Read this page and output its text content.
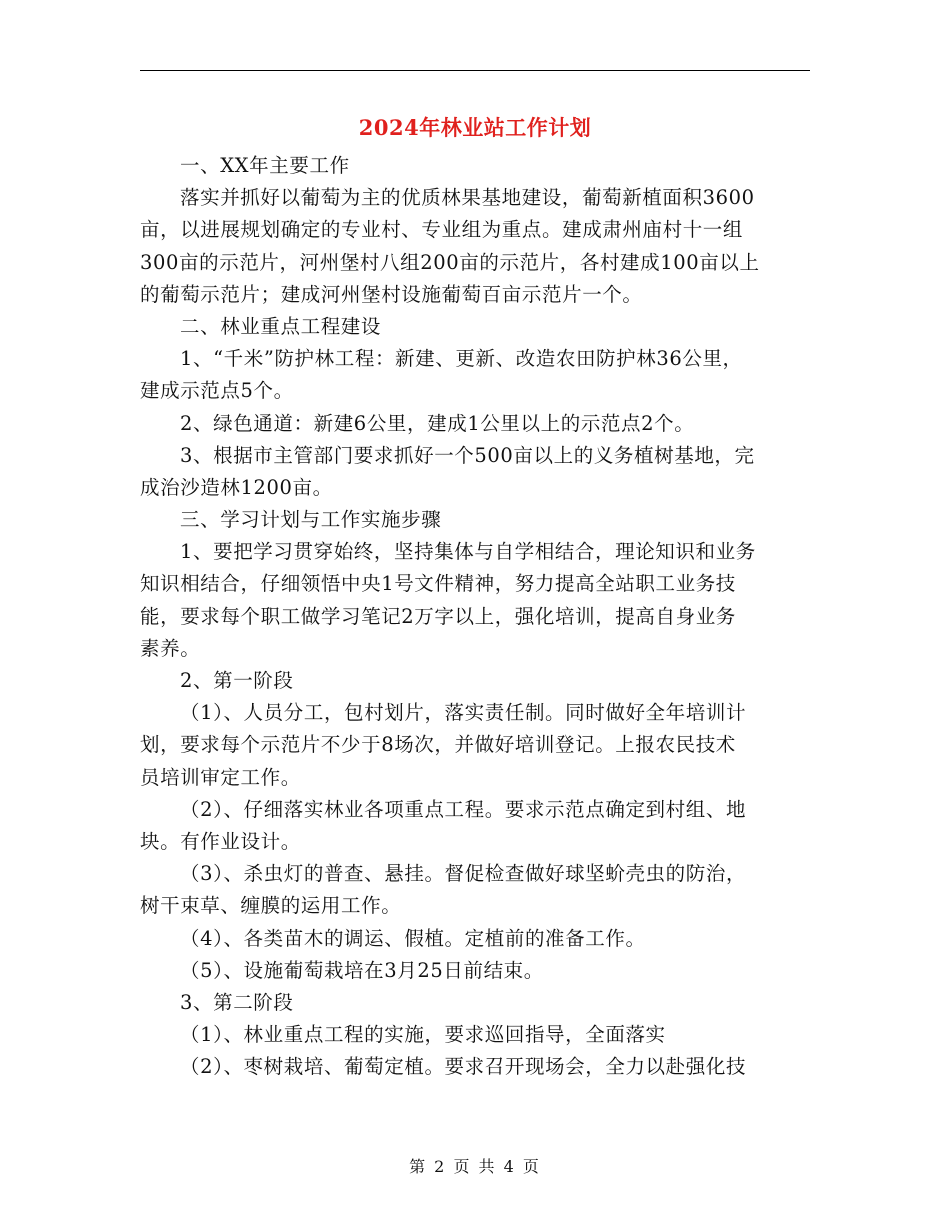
2024年林业站工作计划
一、XX年主要工作
落实并抓好以葡萄为主的优质林果基地建设，葡萄新植面积3600
亩，以进展规划确定的专业村、专业组为重点。建成肃州庙村十一组
300亩的示范片，河州堡村八组200亩的示范片，各村建成100亩以上
的葡萄示范片；建成河州堡村设施葡萄百亩示范片一个。
二、林业重点工程建设
1、“千米”防护林工程：新建、更新、改造农田防护林36公里，
建成示范点5个。
2、绿色通道：新建6公里，建成1公里以上的示范点2个。
3、根据市主管部门要求抓好一个500亩以上的义务植树基地，完
成治沙造林1200亩。
三、学习计划与工作实施步骤
1、要把学习贯穿始终，坚持集体与自学相结合，理论知识和业务
知识相结合，仔细领悟中央1号文件精神，努力提高全站职工业务技
能，要求每个职工做学习笔记2万字以上，强化培训，提高自身业务
素养。
2、第一阶段
（1）、人员分工，包村划片，落实责任制。同时做好全年培训计
划，要求每个示范片不少于8场次，并做好培训登记。上报农民技术
员培训审定工作。
（2）、仔细落实林业各项重点工程。要求示范点确定到村组、地
块。有作业设计。
（3）、杀虫灯的普查、悬挂。督促检查做好球坚蚧壳虫的防治，
树干束草、缠膜的运用工作。
（4）、各类苗木的调运、假植。定植前的准备工作。
（5）、设施葡萄栽培在3月25日前结束。
3、第二阶段
（1）、林业重点工程的实施，要求巡回指导，全面落实
（2）、枣树栽培、葡萄定植。要求召开现场会，全力以赴强化技
第 2 页 共 4 页
